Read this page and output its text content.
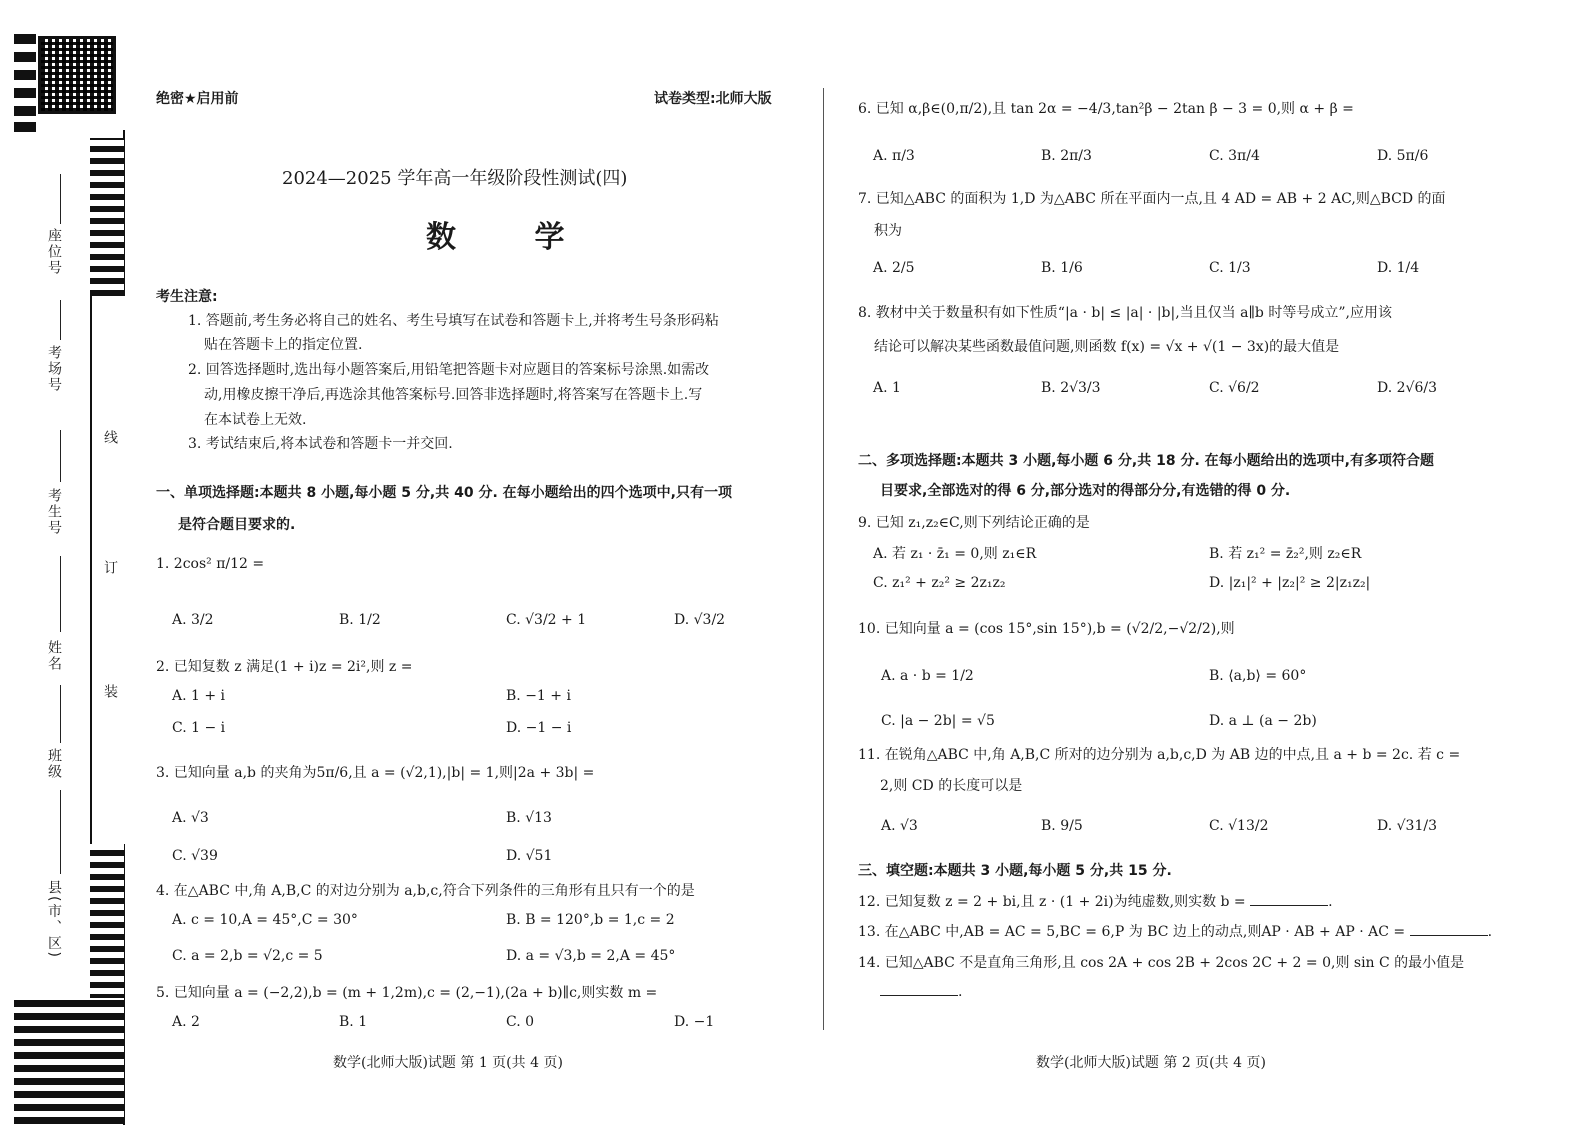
座位号
考场号
考生号
姓名
班级
县(市、区)
线
订
装
绝密★启用前	试卷类型:北师大版
2024—2025 学年高一年级阶段性测试(四)
数 学
考生注意:
1. 答题前,考生务必将自己的姓名、考生号填写在试卷和答题卡上,并将考生号条形码粘
贴在答题卡上的指定位置.
2. 回答选择题时,选出每小题答案后,用铅笔把答题卡对应题目的答案标号涂黑.如需改
动,用橡皮擦干净后,再选涂其他答案标号.回答非选择题时,将答案写在答题卡上.写
在本试卷上无效.
3. 考试结束后,将本试卷和答题卡一并交回.
一、单项选择题:本题共 8 小题,每小题 5 分,共 40 分. 在每小题给出的四个选项中,只有一项
是符合题目要求的.
1. 2cos² π/12 =
A. 3/2	B. 1/2	C. √3/2 + 1	D. √3/2
2. 已知复数 z 满足(1 + i)z = 2i²,则 z =
A. 1 + i	B. −1 + i
C. 1 − i	D. −1 − i
3. 已知向量 a,b 的夹角为5π/6,且 a = (√2,1),|b| = 1,则|2a + 3b| =
A. √3	B. √13
C. √39	D. √51
4. 在△ABC 中,角 A,B,C 的对边分别为 a,b,c,符合下列条件的三角形有且只有一个的是
A. c = 10,A = 45°,C = 30°	B. B = 120°,b = 1,c = 2
C. a = 2,b = √2,c = 5	D. a = √3,b = 2,A = 45°
5. 已知向量 a = (−2,2),b = (m + 1,2m),c = (2,−1),(2a + b)∥c,则实数 m =
A. 2	B. 1	C. 0	D. −1
数学(北师大版)试题 第 1 页(共 4 页)
6. 已知 α,β∈(0,π/2),且 tan 2α = −4/3,tan²β − 2tan β − 3 = 0,则 α + β =
A. π/3	B. 2π/3	C. 3π/4	D. 5π/6
7. 已知△ABC 的面积为 1,D 为△ABC 所在平面内一点,且 4 AD = AB + 2 AC,则△BCD 的面
积为
A. 2/5	B. 1/6	C. 1/3	D. 1/4
8. 教材中关于数量积有如下性质“|a · b| ≤ |a| · |b|,当且仅当 a∥b 时等号成立”,应用该
结论可以解决某些函数最值问题,则函数 f(x) = √x + √(1 − 3x)的最大值是
A. 1	B. 2√3/3	C. √6/2	D. 2√6/3
二、多项选择题:本题共 3 小题,每小题 6 分,共 18 分. 在每小题给出的选项中,有多项符合题
目要求,全部选对的得 6 分,部分选对的得部分分,有选错的得 0 分.
9. 已知 z₁,z₂∈C,则下列结论正确的是
A. 若 z₁ · z̄₁ = 0,则 z₁∈R	B. 若 z₁² = z̄₂²,则 z₂∈R
C. z₁² + z₂² ≥ 2z₁z₂	D. |z₁|² + |z₂|² ≥ 2|z₁z₂|
10. 已知向量 a = (cos 15°,sin 15°),b = (√2/2,−√2/2),则
A. a · b = 1/2	B. ⟨a,b⟩ = 60°
C. |a − 2b| = √5	D. a ⊥ (a − 2b)
11. 在锐角△ABC 中,角 A,B,C 所对的边分别为 a,b,c,D 为 AB 边的中点,且 a + b = 2c. 若 c =
2,则 CD 的长度可以是
A. √3	B. 9/5	C. √13/2	D. √31/3
三、填空题:本题共 3 小题,每小题 5 分,共 15 分.
12. 已知复数 z = 2 + bi,且 z · (1 + 2i)为纯虚数,则实数 b =	.
13. 在△ABC 中,AB = AC = 5,BC = 6,P 为 BC 边上的动点,则AP · AB + AP · AC =	.
14. 已知△ABC 不是直角三角形,且 cos 2A + cos 2B + 2cos 2C + 2 = 0,则 sin C 的最小值是
.
数学(北师大版)试题 第 2 页(共 4 页)
